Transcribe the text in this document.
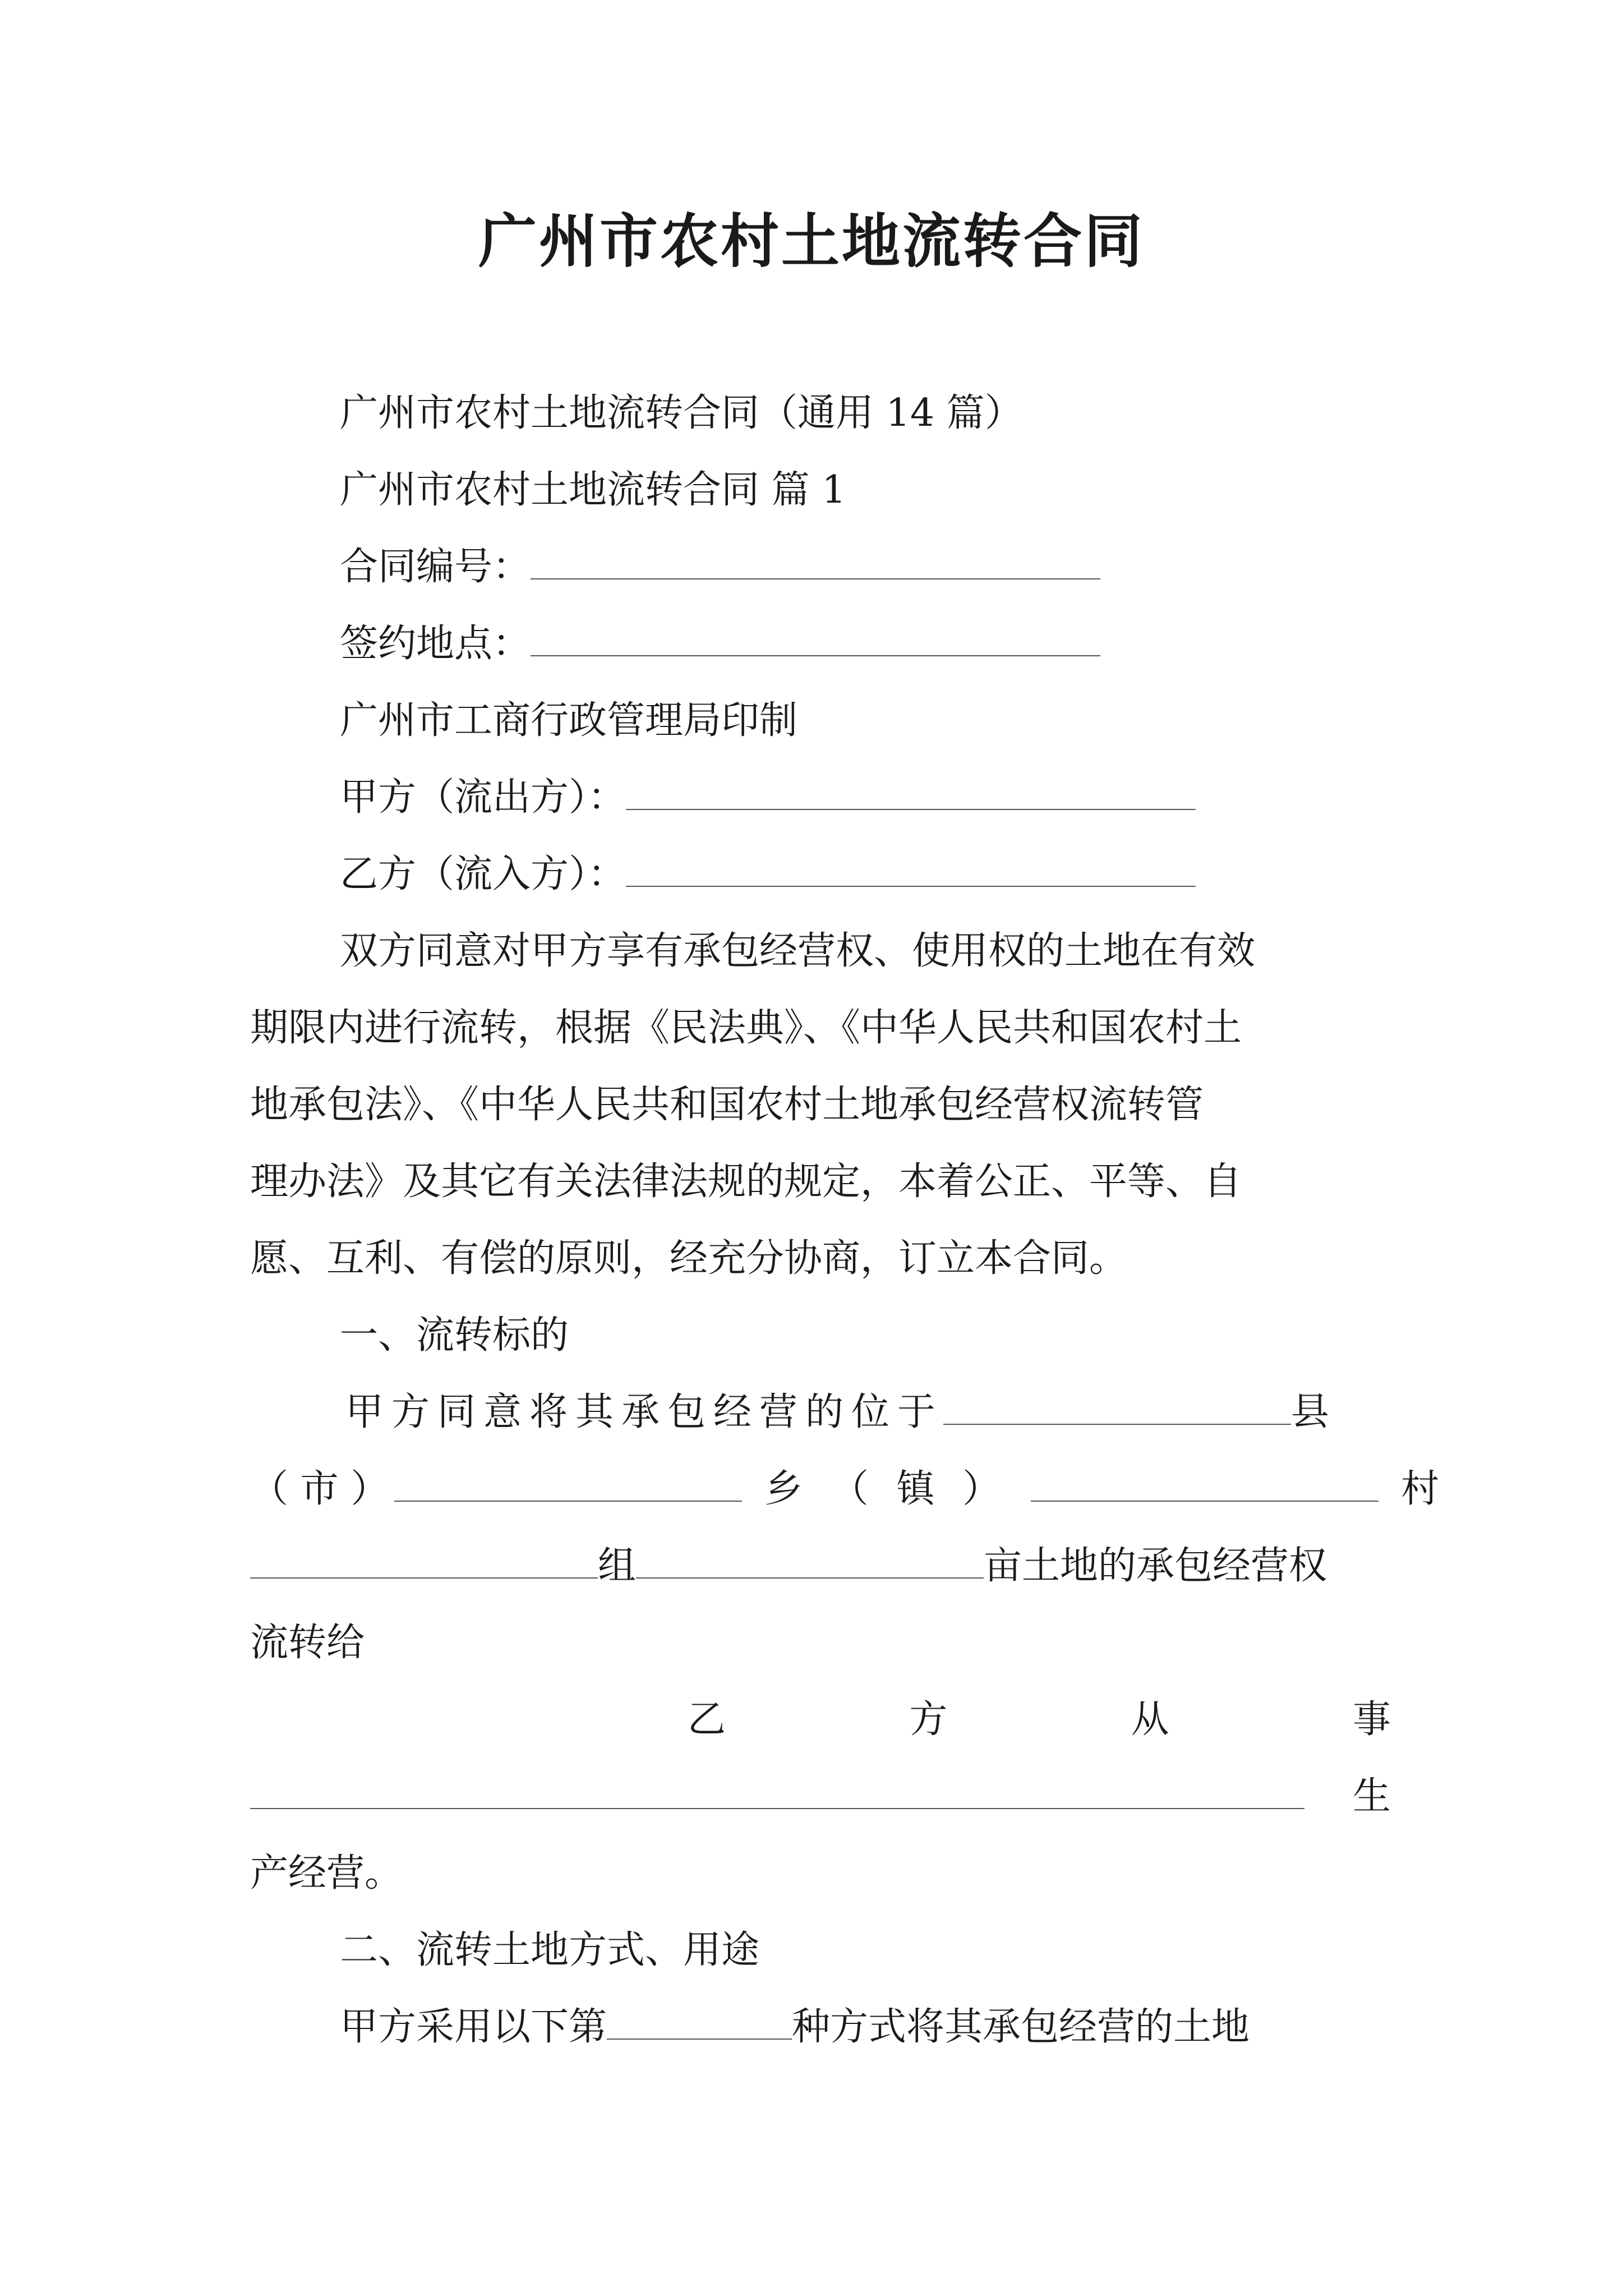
广州市农村土地流转合同
广州市农村土地流转合同（通用 14 篇）
广州市农村土地流转合同 篇 1
合同编号：
签约地点：
广州市工商行政管理局印制
甲方（流出方）：
乙方（流入方）：
双方同意对甲方享有承包经营权、使用权的土地在有效
期限内进行流转，根据《民法典》、《中华人民共和国农村土
地承包法》、《中华人民共和国农村土地承包经营权流转管
理办法》及其它有关法律法规的规定，本着公正、平等、自
愿、互利、有偿的原则，经充分协商，订立本合同。
一、流转标的
甲方同意将其承包经营的位于	县
（ 市 ）	乡 （ 镇 ）	村
组	亩土地的承包经营权
流转给
乙	方	从	事
生
产经营。
二、流转土地方式、用途
甲方采用以下第	种方式将其承包经营的土地
